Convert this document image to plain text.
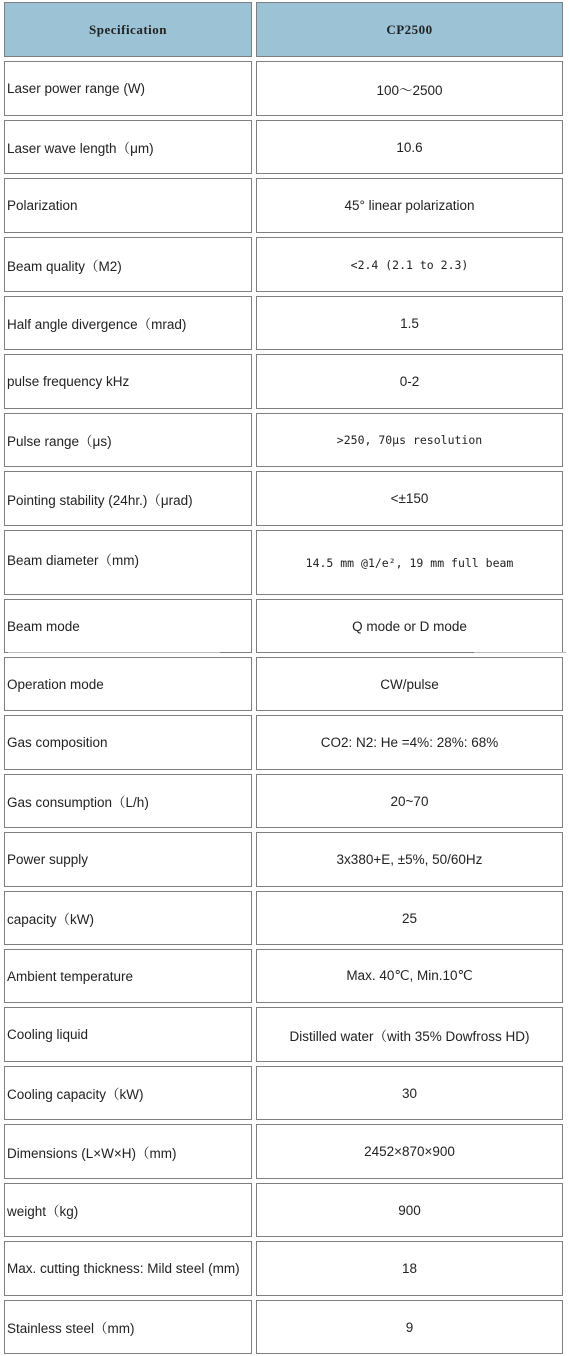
Specification	CP2500
Laser power range (W)	100～2500
Laser wave length（μm)	10.6
Polarization	45° linear polarization
Beam quality（M2)	<2.4 (2.1 to 2.3)
Half angle divergence（mrad)	1.5
pulse frequency kHz	0-2
Pulse range（μs)	>250, 70μs resolution
Pointing stability (24hr.)（μrad)	<±150
Beam diameter（mm)	14.5 mm @1/e², 19 mm full beam
Beam mode	Q mode or D mode
Operation mode	CW/pulse
Gas composition	CO2: N2: He =4%: 28%: 68%
Gas consumption（L/h)	20~70
Power supply	3x380+E, ±5%, 50/60Hz
capacity（kW)	25
Ambient temperature	Max. 40℃, Min.10℃
Cooling liquid	Distilled water（with 35% Dowfross HD)
Cooling capacity（kW)	30
Dimensions (L×W×H)（mm)	2452×870×900
weight（kg)	900
Max. cutting thickness: Mild steel (mm)	18
Stainless steel（mm)	9
